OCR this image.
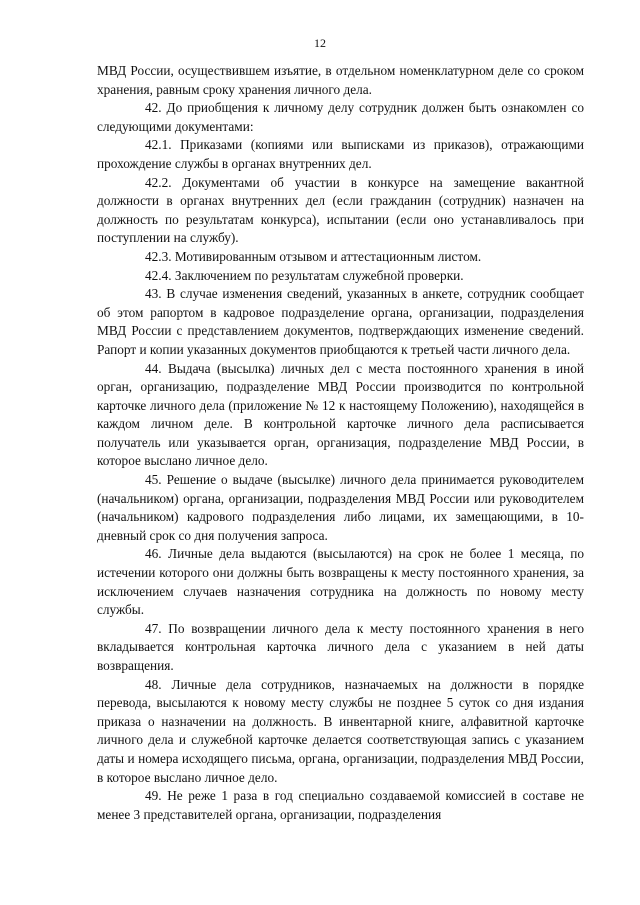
12

МВД России, осуществившем изъятие, в отдельном номенклатурном деле со сроком хранения, равным сроку хранения личного дела.

42. До приобщения к личному делу сотрудник должен быть ознакомлен со следующими документами:

42.1. Приказами (копиями или выписками из приказов), отражающими прохождение службы в органах внутренних дел.

42.2. Документами об участии в конкурсе на замещение вакантной должности в органах внутренних дел (если гражданин (сотрудник) назначен на должность по результатам конкурса), испытании (если оно устанавливалось при поступлении на службу).

42.3. Мотивированным отзывом и аттестационным листом.

42.4. Заключением по результатам служебной проверки.

43. В случае изменения сведений, указанных в анкете, сотрудник сообщает об этом рапортом в кадровое подразделение органа, организации, подразделения МВД России с представлением документов, подтверждающих изменение сведений. Рапорт и копии указанных документов приобщаются к третьей части личного дела.

44. Выдача (высылка) личных дел с места постоянного хранения в иной орган, организацию, подразделение МВД России производится по контрольной карточке личного дела (приложение № 12 к настоящему Положению), находящейся в каждом личном деле. В контрольной карточке личного дела расписывается получатель или указывается орган, организация, подразделение МВД России, в которое выслано личное дело.

45. Решение о выдаче (высылке) личного дела принимается руководителем (начальником) органа, организации, подразделения МВД России или руководителем (начальником) кадрового подразделения либо лицами, их замещающими, в 10-дневный срок со дня получения запроса.

46. Личные дела выдаются (высылаются) на срок не более 1 месяца, по истечении которого они должны быть возвращены к месту постоянного хранения, за исключением случаев назначения сотрудника на должность по новому месту службы.

47. По возвращении личного дела к месту постоянного хранения в него вкладывается контрольная карточка личного дела с указанием в ней даты возвращения.

48. Личные дела сотрудников, назначаемых на должности в порядке перевода, высылаются к новому месту службы не позднее 5 суток со дня издания приказа о назначении на должность. В инвентарной книге, алфавитной карточке личного дела и служебной карточке делается соответствующая запись с указанием даты и номера исходящего письма, органа, организации, подразделения МВД России, в которое выслано личное дело.

49. Не реже 1 раза в год специально создаваемой комиссией в составе не менее 3 представителей органа, организации, подразделения
